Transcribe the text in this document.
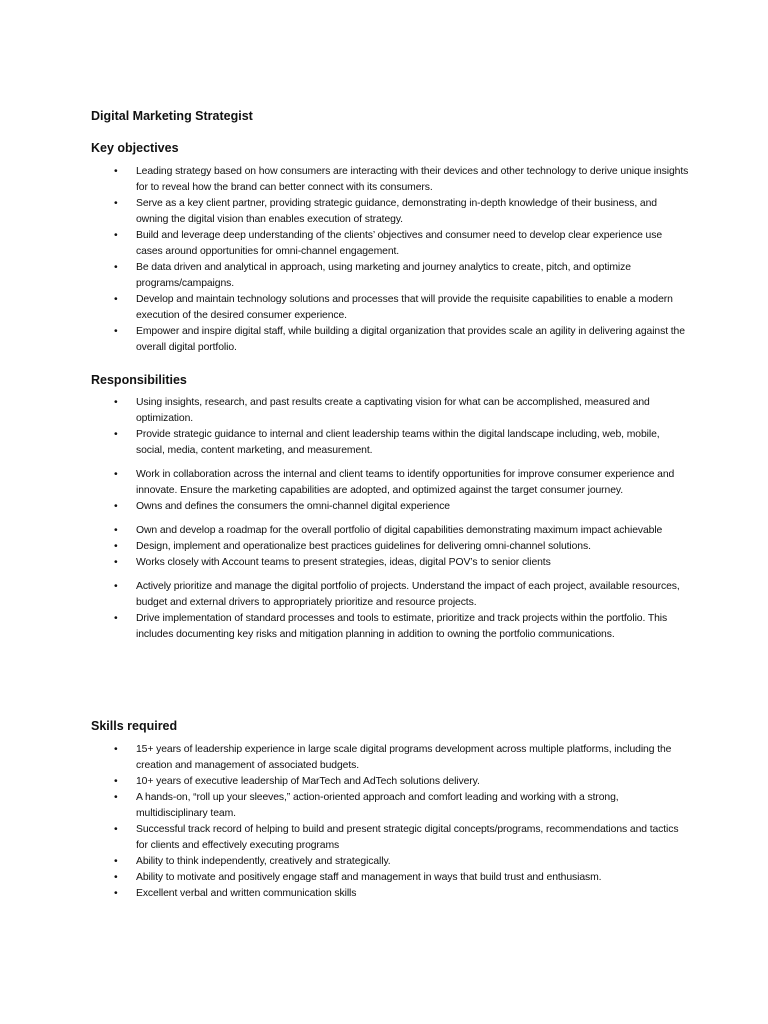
Digital Marketing Strategist
Key objectives
• Leading strategy based on how consumers are interacting with their devices and other technology to derive unique insights for to reveal how the brand can better connect with its consumers.
• Serve as a key client partner, providing strategic guidance, demonstrating in-depth knowledge of their business, and owning the digital vision than enables execution of strategy.
• Build and leverage deep understanding of the clients’ objectives and consumer need to develop clear experience use cases around opportunities for omni-channel engagement.
• Be data driven and analytical in approach, using marketing and journey analytics to create, pitch, and optimize programs/campaigns.
• Develop and maintain technology solutions and processes that will provide the requisite capabilities to enable a modern execution of the desired consumer experience.
• Empower and inspire digital staff, while building a digital organization that provides scale an agility in delivering against the overall digital portfolio.
Responsibilities
• Using insights, research, and past results create a captivating vision for what can be accomplished, measured and optimization.
• Provide strategic guidance to internal and client leadership teams within the digital landscape including, web, mobile, social, media, content marketing, and measurement.
• Work in collaboration across the internal and client teams to identify opportunities for improve consumer experience and innovate. Ensure the marketing capabilities are adopted, and optimized against the target consumer journey.
• Owns and defines the consumers the omni-channel digital experience
• Own and develop a roadmap for the overall portfolio of digital capabilities demonstrating maximum impact achievable
• Design, implement and operationalize best practices guidelines for delivering omni-channel solutions.
• Works closely with Account teams to present strategies, ideas, digital POV’s to senior clients
• Actively prioritize and manage the digital portfolio of projects. Understand the impact of each project, available resources, budget and external drivers to appropriately prioritize and resource projects.
• Drive implementation of standard processes and tools to estimate, prioritize and track projects within the portfolio. This includes documenting key risks and mitigation planning in addition to owning the portfolio communications.
Skills required
• 15+ years of leadership experience in large scale digital programs development across multiple platforms, including the creation and management of associated budgets.
• 10+ years of executive leadership of MarTech and AdTech solutions delivery.
• A hands-on, “roll up your sleeves,” action-oriented approach and comfort leading and working with a strong, multidisciplinary team.
• Successful track record of helping to build and present strategic digital concepts/programs, recommendations and tactics for clients and effectively executing programs
• Ability to think independently, creatively and strategically.
• Ability to motivate and positively engage staff and management in ways that build trust and enthusiasm.
• Excellent verbal and written communication skills
